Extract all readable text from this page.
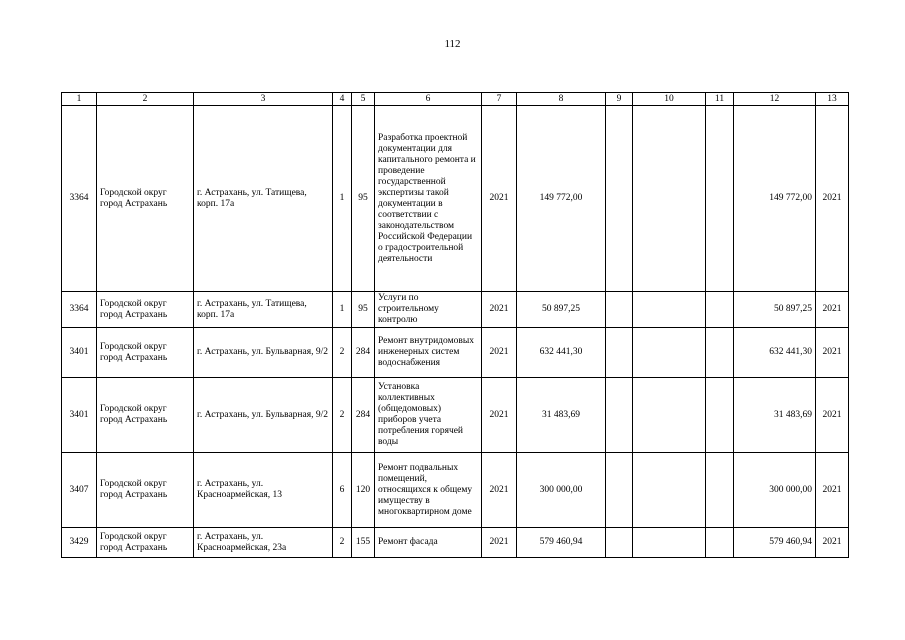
112
1	2	3	4	5	6	7	8	9	10	11	12	13
3364	Городской округ город Астрахань	г. Астрахань, ул. Татищева, корп. 17а	1	95	Разработка проектной документации для капитального ремонта и проведение государственной экспертизы такой документации в соответствии с законодательством Российской Федерации о градостроительной деятельности	2021	149 772,00				149 772,00	2021
3364	Городской округ город Астрахань	г. Астрахань, ул. Татищева, корп. 17а	1	95	Услуги по строительному контролю	2021	50 897,25				50 897,25	2021
3401	Городской округ город Астрахань	г. Астрахань, ул. Бульварная, 9/2	2	284	Ремонт внутридомовых инженерных систем водоснабжения	2021	632 441,30				632 441,30	2021
3401	Городской округ город Астрахань	г. Астрахань, ул. Бульварная, 9/2	2	284	Установка коллективных (общедомовых) приборов учета потребления горячей воды	2021	31 483,69				31 483,69	2021
3407	Городской округ город Астрахань	г. Астрахань, ул. Красноармейская, 13	6	120	Ремонт подвальных помещений, относящихся к общему имуществу в многоквартирном доме	2021	300 000,00				300 000,00	2021
3429	Городской округ город Астрахань	г. Астрахань, ул. Красноармейская, 23а	2	155	Ремонт фасада	2021	579 460,94				579 460,94	2021
